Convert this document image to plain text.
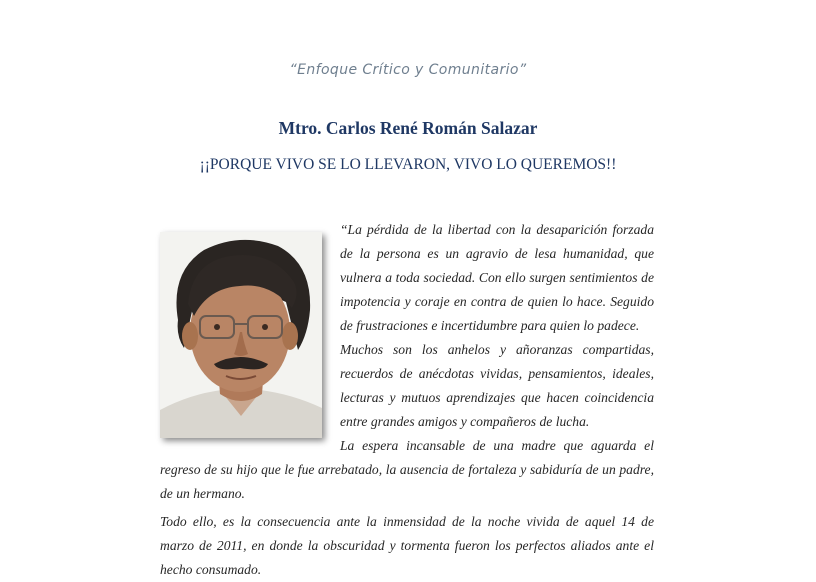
“Enfoque Crítico y Comunitario”
Mtro. Carlos René Román Salazar
¡¡PORQUE VIVO SE LO LLEVARON, VIVO LO QUEREMOS!!

“La pérdida de la libertad con la desaparición forzada

de la persona es un agravio de lesa humanidad, que

vulnera a toda sociedad. Con ello surgen sentimientos de

impotencia y coraje en contra de quien lo hace. Seguido

de frustraciones e incertidumbre para quien lo padece.

Muchos son los anhelos y añoranzas compartidas,

recuerdos de anécdotas vividas, pensamientos, ideales,

lecturas y mutuos aprendizajes que hacen coincidencia

entre grandes amigos y compañeros de lucha.

La espera incansable de una madre que aguarda el

regreso de su hijo que le fue arrebatado, la ausencia de fortaleza y sabiduría de un padre,

de un hermano.

Todo ello, es la consecuencia ante la inmensidad de la noche vivida de aquel 14 de

marzo de 2011, en donde la obscuridad y tormenta fueron los perfectos aliados ante el

hecho consumado.
